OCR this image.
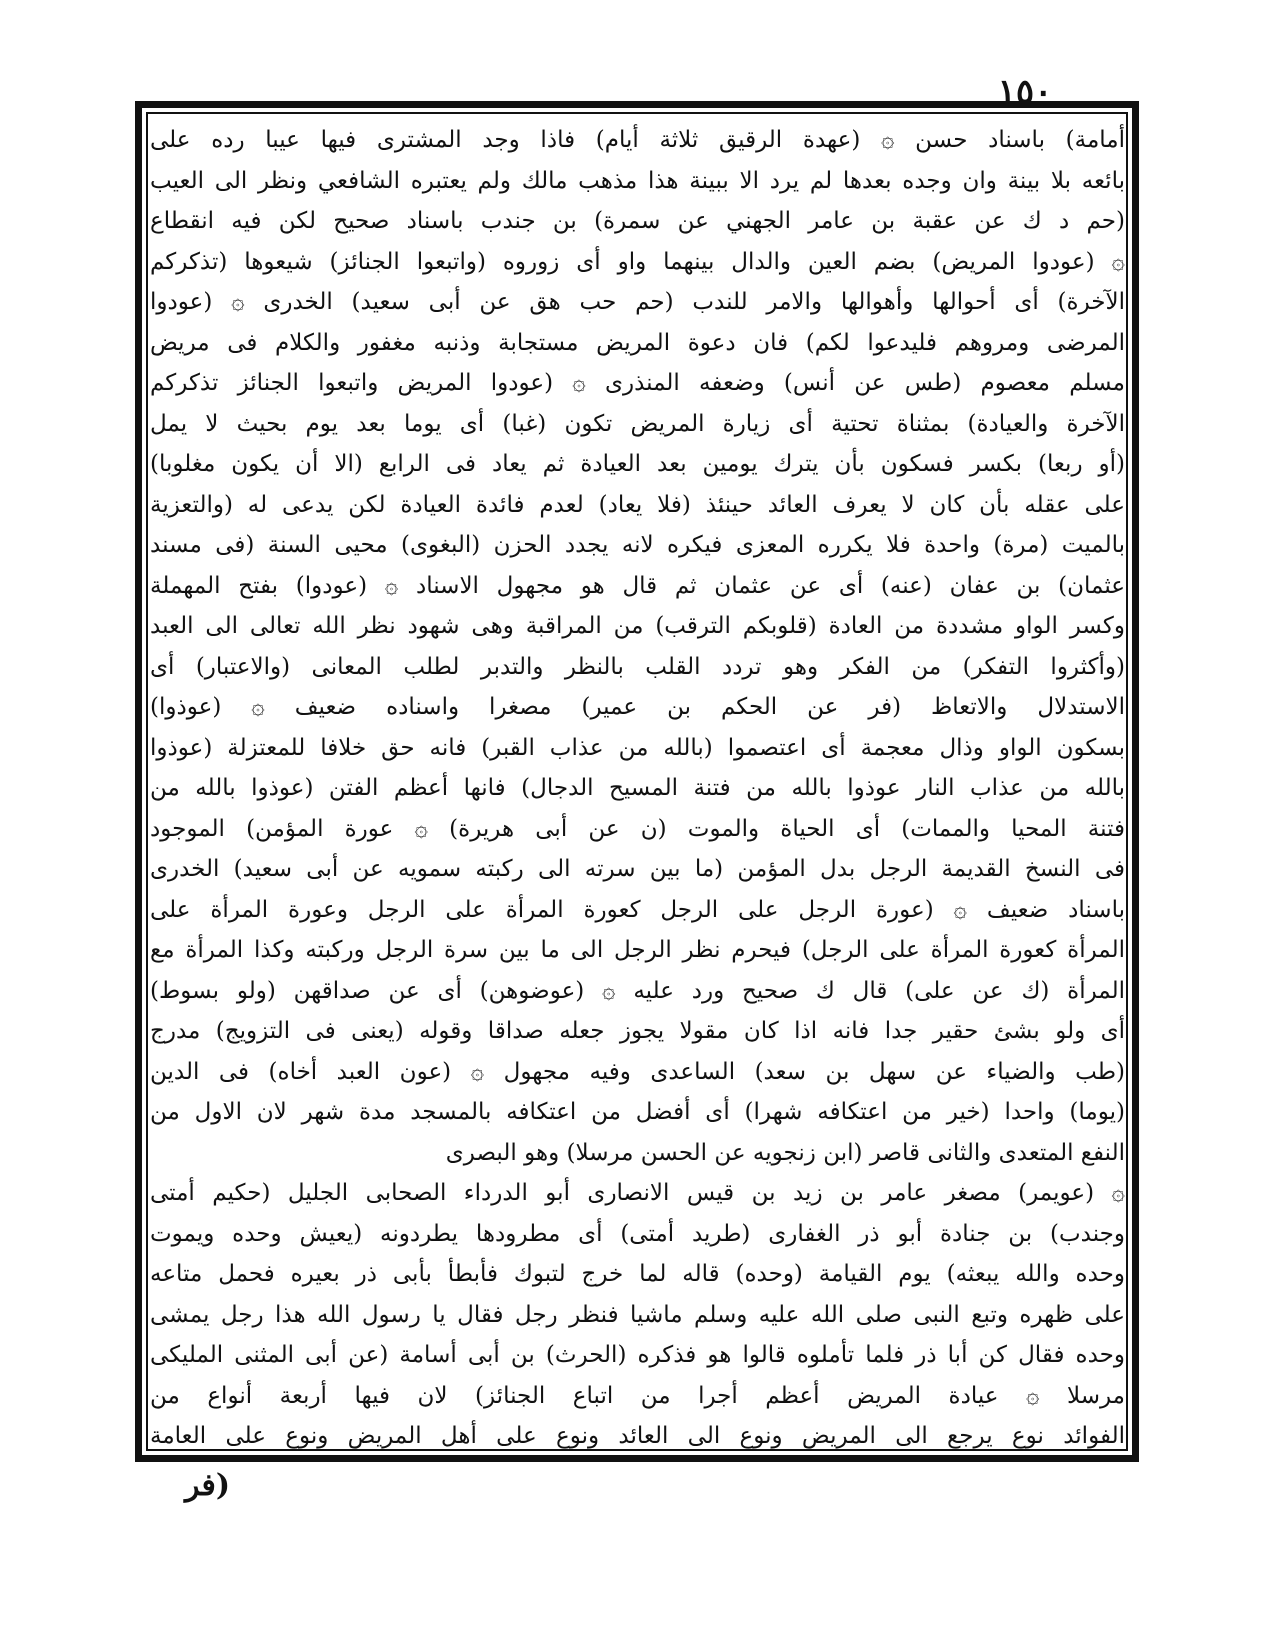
١٥٠
أمامة) باسناد حسن ۞ (عهدة الرقيق ثلاثة أيام) فاذا وجد المشترى فيها عيبا رده على
بائعه بلا بينة وان وجده بعدها لم يرد الا ببينة هذا مذهب مالك ولم يعتبره الشافعي ونظر الى العيب
(حم د ك عن عقبة بن عامر الجهني عن سمرة) بن جندب باسناد صحيح لكن فيه انقطاع
۞ (عودوا المريض) بضم العين والدال بينهما واو أى زوروه (واتبعوا الجنائز) شيعوها (تذكركم
الآخرة) أى أحوالها وأهوالها والامر للندب (حم حب هق عن أبى سعيد) الخدرى ۞ (عودوا
المرضى ومروهم فليدعوا لكم) فان دعوة المريض مستجابة وذنبه مغفور والكلام فى مريض
مسلم معصوم (طس عن أنس) وضعفه المنذرى ۞ (عودوا المريض واتبعوا الجنائز تذكركم
الآخرة والعيادة) بمثناة تحتية أى زيارة المريض تكون (غبا) أى يوما بعد يوم بحيث لا يمل
(أو ربعا) بكسر فسكون بأن يترك يومين بعد العيادة ثم يعاد فى الرابع (الا أن يكون مغلوبا)
على عقله بأن كان لا يعرف العائد حينئذ (فلا يعاد) لعدم فائدة العيادة لكن يدعى له (والتعزية
بالميت (مرة) واحدة فلا يكرره المعزى فيكره لانه يجدد الحزن (البغوى) محيى السنة (فى مسند
عثمان) بن عفان (عنه) أى عن عثمان ثم قال هو مجهول الاسناد ۞ (عودوا) بفتح المهملة
وكسر الواو مشددة من العادة (قلوبكم الترقب) من المراقبة وهى شهود نظر الله تعالى الى العبد
(وأكثروا التفكر) من الفكر وهو تردد القلب بالنظر والتدبر لطلب المعانى (والاعتبار) أى
الاستدلال والاتعاظ (فر عن الحكم بن عمير) مصغرا واسناده ضعيف ۞ (عوذوا)
بسكون الواو وذال معجمة أى اعتصموا (بالله من عذاب القبر) فانه حق خلافا للمعتزلة (عوذوا
بالله من عذاب النار عوذوا بالله من فتنة المسيح الدجال) فانها أعظم الفتن (عوذوا بالله من
فتنة المحيا والممات) أى الحياة والموت (ن عن أبى هريرة) ۞ عورة المؤمن) الموجود
فى النسخ القديمة الرجل بدل المؤمن (ما بين سرته الى ركبته سمويه عن أبى سعيد) الخدرى
باسناد ضعيف ۞ (عورة الرجل على الرجل كعورة المرأة على الرجل وعورة المرأة على
المرأة كعورة المرأة على الرجل) فيحرم نظر الرجل الى ما بين سرة الرجل وركبته وكذا المرأة مع
المرأة (ك عن على) قال ك صحيح ورد عليه ۞ (عوضوهن) أى عن صداقهن (ولو بسوط)
أى ولو بشئ حقير جدا فانه اذا كان مقولا يجوز جعله صداقا وقوله (يعنى فى التزويج) مدرج
(طب والضياء عن سهل بن سعد) الساعدى وفيه مجهول ۞ (عون العبد أخاه) فى الدين
(يوما) واحدا (خير من اعتكافه شهرا) أى أفضل من اعتكافه بالمسجد مدة شهر لان الاول من
النفع المتعدى والثانى قاصر (ابن زنجويه عن الحسن مرسلا) وهو البصرى
۞ (عويمر) مصغر عامر بن زيد بن قيس الانصارى أبو الدرداء الصحابى الجليل (حكيم أمتى
وجندب) بن جنادة أبو ذر الغفارى (طريد أمتى) أى مطرودها يطردونه (يعيش وحده ويموت
وحده والله يبعثه) يوم القيامة (وحده) قاله لما خرج لتبوك فأبطأ بأبى ذر بعيره فحمل متاعه
على ظهره وتبع النبى صلى الله عليه وسلم ماشيا فنظر رجل فقال يا رسول الله هذا رجل يمشى
وحده فقال كن أبا ذر فلما تأملوه قالوا هو فذكره (الحرث) بن أبى أسامة (عن أبى المثنى المليكى
مرسلا ۞ عيادة المريض أعظم أجرا من اتباع الجنائز) لان فيها أربعة أنواع من
الفوائد نوع يرجع الى المريض ونوع الى العائد ونوع على أهل المريض ونوع على العامة
(فر
